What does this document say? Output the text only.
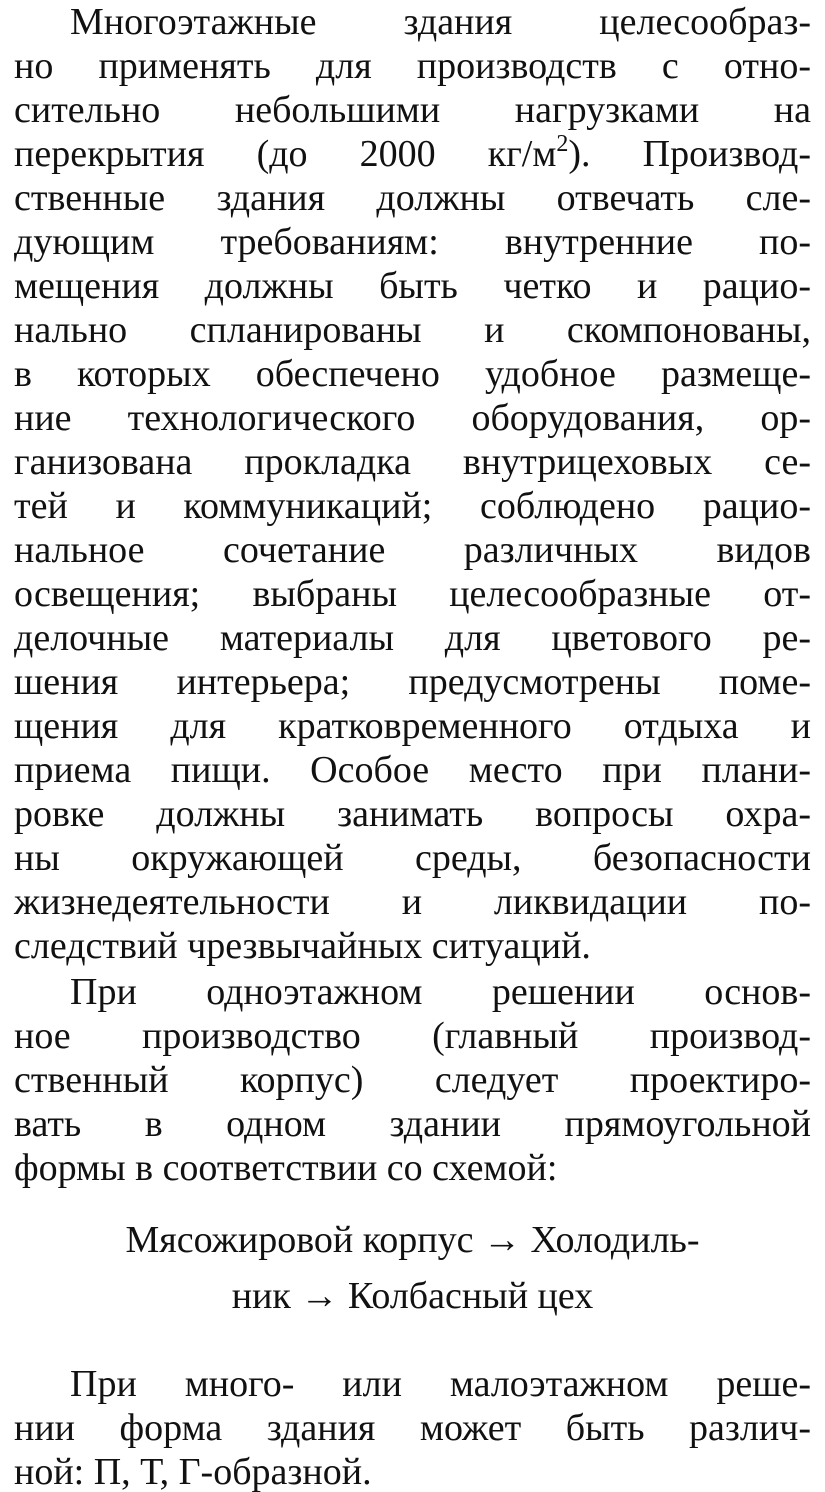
Многоэтажные здания целесообраз-
но применять для производств с отно-
сительно небольшими нагрузками на
перекрытия (до 2000 $кг/м^2$). Производ-
ственные здания должны отвечать сле-
дующим требованиям: внутренние по-
мещения должны быть четко и рацио-
нально спланированы и скомпонованы,
в которых обеспечено удобное размеще-
ние технологического оборудования, ор-
ганизована прокладка внутрицеховых се-
тей и коммуникаций; соблюдено рацио-
нальное сочетание различных видов
освещения; выбраны целесообразные от-
делочные материалы для цветового ре-
шения интерьера; предусмотрены поме-
щения для кратковременного отдыха и
приема пищи. Особое место при плани-
ровке должны занимать вопросы охра-
ны окружающей среды, безопасности
жизнедеятельности и ликвидации по-
следствий чрезвычайных ситуаций.
При одноэтажном решении основ-
ное производство (главный производ-
ственный корпус) следует проектиро-
вать в одном здании прямоугольной
формы в соответствии со схемой:
Мясожировой корпус → Холодиль-
ник → Колбасный цех
При много- или малоэтажном реше-
нии форма здания может быть различ-
ной: П, Т, Г-образной.
